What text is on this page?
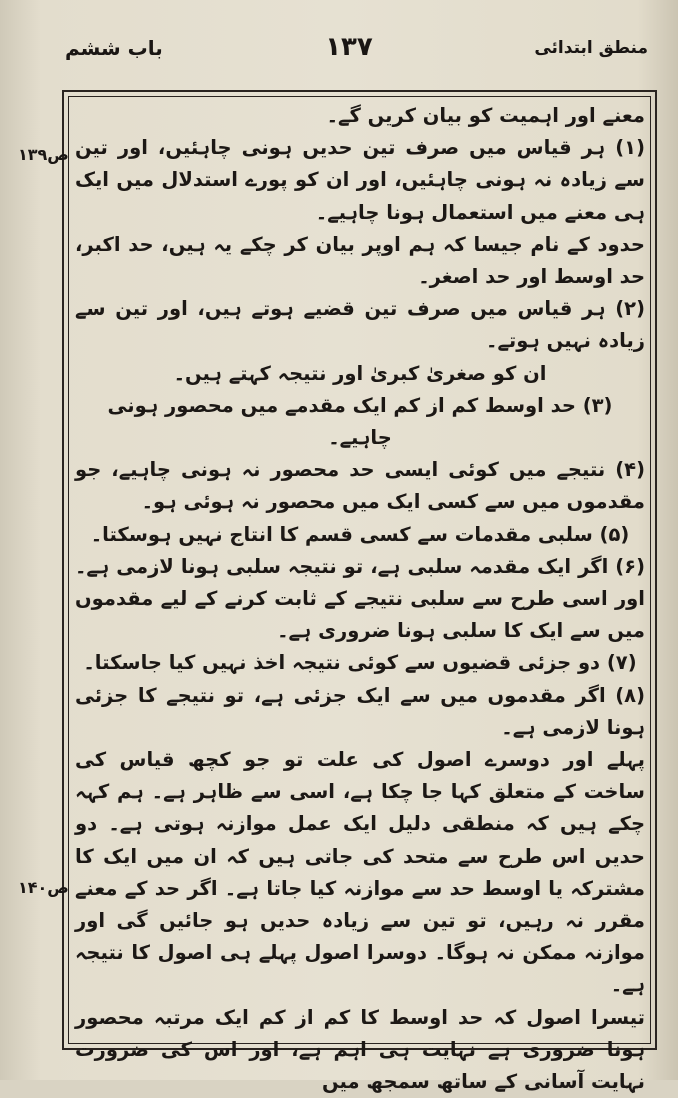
منطق ابتدائی
۱۳۷
باب ششم
ص۱۳۹
ص۱۴۰

معنے اور اہمیت کو بیان کریں گے۔

(۱) ہر قیاس میں صرف تین حدیں ہونی چاہئیں، اور تین سے زیادہ نہ ہونی چاہئیں، اور ان کو پورے استدلال میں ایک ہی معنے میں استعمال ہونا چاہیے۔

حدود کے نام جیسا کہ ہم اوپر بیان کر چکے یہ ہیں، حد اکبر، حد اوسط اور حد اصغر۔

(۲) ہر قیاس میں صرف تین قضیے ہوتے ہیں، اور تین سے زیادہ نہیں ہوتے۔

ان کو صغریٰ کبریٰ اور نتیجہ کہتے ہیں۔

(۳) حد اوسط کم از کم ایک مقدمے میں محصور ہونی چاہیے۔

(۴) نتیجے میں کوئی ایسی حد محصور نہ ہونی چاہیے، جو مقدموں میں سے کسی ایک میں محصور نہ ہوئی ہو۔

(۵) سلبی مقدمات سے کسی قسم کا انتاج نہیں ہوسکتا۔

(۶) اگر ایک مقدمہ سلبی ہے، تو نتیجہ سلبی ہونا لازمی ہے۔ اور اسی طرح سے سلبی نتیجے کے ثابت کرنے کے لیے مقدموں میں سے ایک کا سلبی ہونا ضروری ہے۔

(۷) دو جزئی قضیوں سے کوئی نتیجہ اخذ نہیں کیا جاسکتا۔

(۸) اگر مقدموں میں سے ایک جزئی ہے، تو نتیجے کا جزئی ہونا لازمی ہے۔

پہلے اور دوسرے اصول کی علت تو جو کچھ قیاس کی ساخت کے متعلق کہا جا چکا ہے، اسی سے ظاہر ہے۔ ہم کہہ چکے ہیں کہ منطقی دلیل ایک عمل موازنہ ہوتی ہے۔ دو حدیں اس طرح سے متحد کی جاتی ہیں کہ ان میں ایک کا مشترکہ یا اوسط حد سے موازنہ کیا جاتا ہے۔ اگر حد کے معنے مقرر نہ رہیں، تو تین سے زیادہ حدیں ہو جائیں گی اور موازنہ ممکن نہ ہوگا۔ دوسرا اصول پہلے ہی اصول کا نتیجہ ہے۔

تیسرا اصول کہ حد اوسط کا کم از کم ایک مرتبہ محصور ہونا ضروری ہے نہایت ہی اہم ہے، اور اس کی ضرورت نہایت آسانی کے ساتھ سمجھ میں
